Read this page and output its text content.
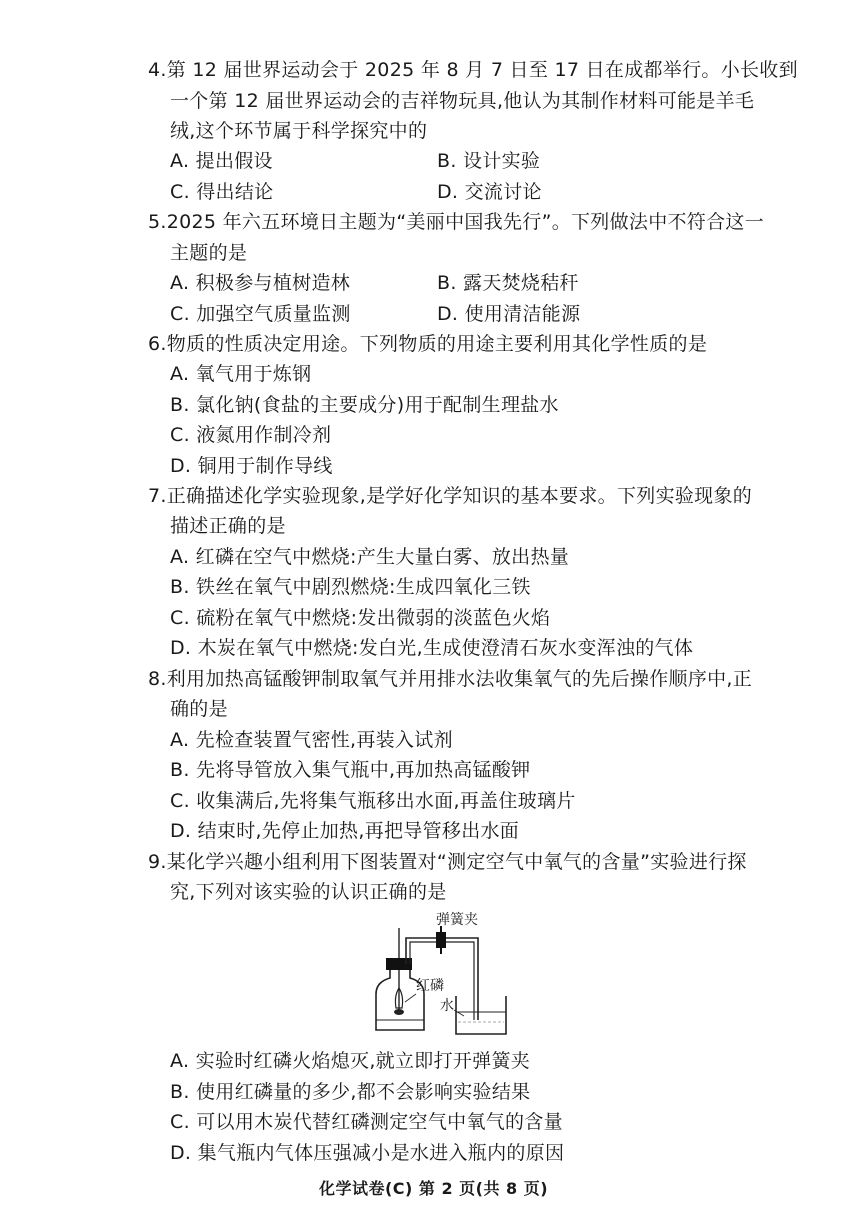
4.第 12 届世界运动会于 2025 年 8 月 7 日至 17 日在成都举行。小长收到
一个第 12 届世界运动会的吉祥物玩具,他认为其制作材料可能是羊毛
绒,这个环节属于科学探究中的
A. 提出假设	B. 设计实验
C. 得出结论	D. 交流讨论
5.2025 年六五环境日主题为“美丽中国我先行”。下列做法中不符合这一
主题的是
A. 积极参与植树造林	B. 露天焚烧秸秆
C. 加强空气质量监测	D. 使用清洁能源
6.物质的性质决定用途。下列物质的用途主要利用其化学性质的是
A. 氧气用于炼钢
B. 氯化钠(食盐的主要成分)用于配制生理盐水
C. 液氮用作制冷剂
D. 铜用于制作导线
7.正确描述化学实验现象,是学好化学知识的基本要求。下列实验现象的
描述正确的是
A. 红磷在空气中燃烧:产生大量白雾、放出热量
B. 铁丝在氧气中剧烈燃烧:生成四氧化三铁
C. 硫粉在氧气中燃烧:发出微弱的淡蓝色火焰
D. 木炭在氧气中燃烧:发白光,生成使澄清石灰水变浑浊的气体
8.利用加热高锰酸钾制取氧气并用排水法收集氧气的先后操作顺序中,正
确的是
A. 先检查装置气密性,再装入试剂
B. 先将导管放入集气瓶中,再加热高锰酸钾
C. 收集满后,先将集气瓶移出水面,再盖住玻璃片
D. 结束时,先停止加热,再把导管移出水面
9.某化学兴趣小组利用下图装置对“测定空气中氧气的含量”实验进行探
究,下列对该实验的认识正确的是
弹簧夹
红磷
水
A. 实验时红磷火焰熄灭,就立即打开弹簧夹
B. 使用红磷量的多少,都不会影响实验结果
C. 可以用木炭代替红磷测定空气中氧气的含量
D. 集气瓶内气体压强减小是水进入瓶内的原因
化学试卷(C) 第 2 页(共 8 页)
